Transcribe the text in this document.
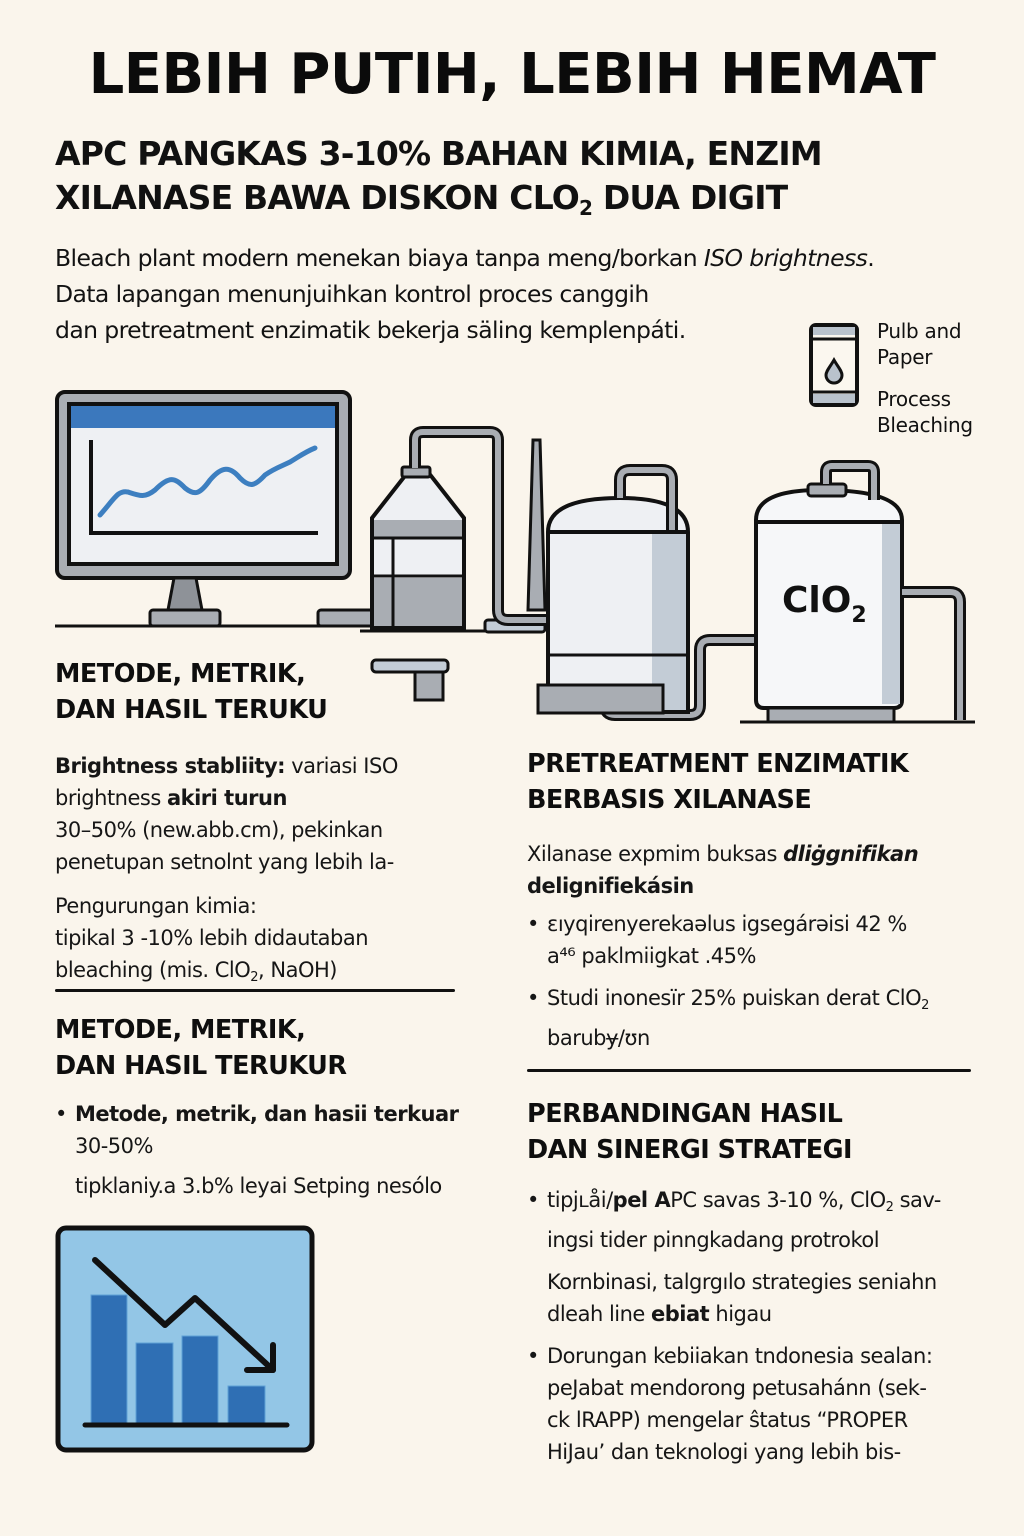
LEBIH PUTIH, LEBIH HEMAT
APC PANGKAS 3-10% BAHAN KIMIA, ENZIM
XILANASE BAWA DISKON $CLO_2$ DUA DIGIT
Bleach plant modern menekan biaya tanpa meng/borkan ISO brightness.
Data lapangan menunjuihkan kontrol proces canggih
dan pretreatment enzimatik bekerja säling kemplenpáti.	Pulb and
Paper
Process
Bleaching
ClO$_2$
METODE, METRIK,
DAN HASIL TERUKU
Brightness stabliity: variasi ISO
brightness akiri turun
30–50% (new.abb.cm), pekinkan
penetupan setnolnt yang lebih la-
Pengurungan kimia:
tipikal 3 -10% lebih didautaban
bleaching (mis. ClO$_2$, NaOH)
METODE, METRIK,
DAN HASIL TERUKUR
• Metode, metrik, dan hasii terkuar
30-50%
tipklaniy.a 3.b% leyai Setping nesólo
PRETREATMENT ENZIMATIK
BERBASIS XILANASE
Xilanase expmim buksas dliġgnifikan
delignifiekásin
• ɛıyqirenyerekaəlus igsegárəisi 42 %
a⁴⁶ paklmiigkat .45%
• Studi inonesı̈r 25% puiskan derat ClO$_2$
barubɏ/ʊn
PERBANDINGAN HASIL
DAN SINERGI STRATEGI
• tipjʟåi/pel APC savas 3-10 %, ClO$_2$ sav-
ingsi tider pinngkadang protrokol
Kornbinasi, talgrgılo strategies seniahn
dleah line ebiat higau
• Dorungan kebiiakan tndonesia sealan:
peJabat mendorong petusahánn (sek-
ck lRAPP) mengelar ŝtatus “PROPER
HiJau’ dan teknologi yang lebih bis-
